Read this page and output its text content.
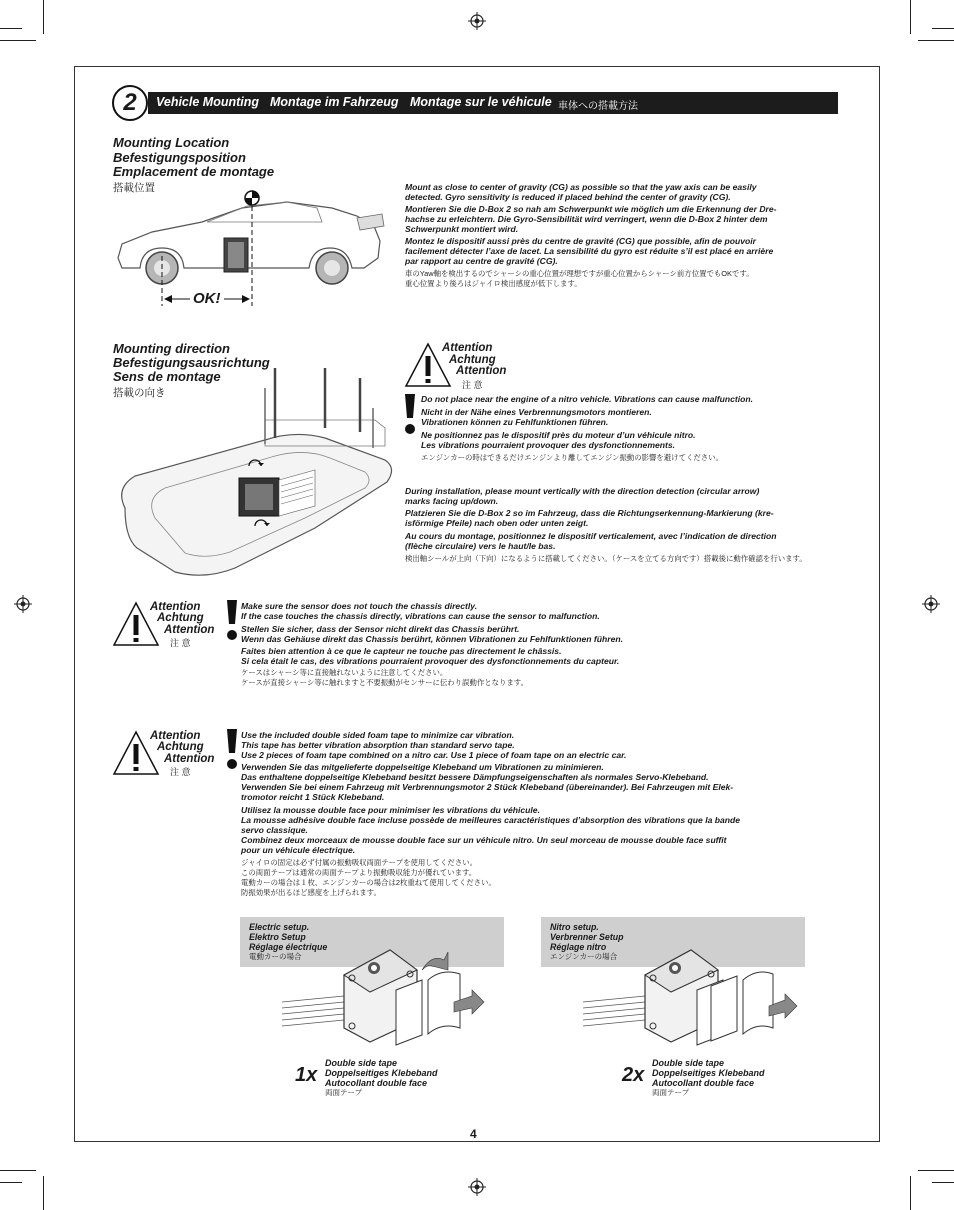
Vehicle Mounting Montage im Fahrzeug Montage sur le véhicule 車体への搭載方法
2
Mounting Location
Befestigungsposition
Emplacement de montage
搭載位置
OK!
Mount as close to center of gravity (CG) as possible so that the yaw axis can be easily
detected. Gyro sensitivity is reduced if placed behind the center of gravity (CG).
Montieren Sie die D-Box 2 so nah am Schwerpunkt wie möglich um die Erkennung der Dre-
hachse zu erleichtern. Die Gyro-Sensibilität wird verringert, wenn die D-Box 2 hinter dem
Schwerpunkt montiert wird.
Montez le dispositif aussi près du centre de gravité (CG) que possible, afin de pouvoir
facilement détecter l’axe de lacet. La sensibilité du gyro est réduite s’il est placé en arrière
par rapport au centre de gravité (CG).
車のYaw軸を検出するのでシャーシの重心位置が理想ですが重心位置からシャーシ前方位置でもOKです。
重心位置より後ろはジャイロ検出感度が低下します。
Mounting direction
Befestigungsausrichtung
Sens de montage
搭載の向き
Attention
Achtung
Attention
注 意
Do not place near the engine of a nitro vehicle. Vibrations can cause malfunction.
Nicht in der Nähe eines Verbrennungsmotors montieren.
Vibrationen können zu Fehlfunktionen führen.
Ne positionnez pas le dispositif près du moteur d’un véhicule nitro.
Les vibrations pourraient provoquer des dysfonctionnements.
エンジンカーの時はできるだけエンジンより離してエンジン振動の影響を避けてください。
During installation, please mount vertically with the direction detection (circular arrow)
marks facing up/down.
Platzieren Sie die D-Box 2 so im Fahrzeug, dass die Richtungserkennung-Markierung (kre-
isförmige Pfeile) nach oben oder unten zeigt.
Au cours du montage, positionnez le dispositif verticalement, avec l’indication de direction
(flèche circulaire) vers le haut/le bas.
検出軸シールが上向（下向）になるように搭載してください。（ケースを立てる方向です）搭載後に動作確認を行います。
Attention
Achtung
Attention
注 意
Make sure the sensor does not touch the chassis directly.
If the case touches the chassis directly, vibrations can cause the sensor to malfunction.
Stellen Sie sicher, dass der Sensor nicht direkt das Chassis berührt.
Wenn das Gehäuse direkt das Chassis berührt, können Vibrationen zu Fehlfunktionen führen.
Faites bien attention à ce que le capteur ne touche pas directement le châssis.
Si cela était le cas, des vibrations pourraient provoquer des dysfonctionnements du capteur.
ケースはシャーシ等に直接触れないように注意してください。
ケースが直接シャーシ等に触れますと不要振動がセンサーに伝わり誤動作となります。
Attention
Achtung
Attention
注 意
Use the included double sided foam tape to minimize car vibration.
This tape has better vibration absorption than standard servo tape.
Use 2 pieces of foam tape combined on a nitro car. Use 1 piece of foam tape on an electric car.
Verwenden Sie das mitgelieferte doppelseitige Klebeband um Vibrationen zu minimieren.
Das enthaltene doppelseitige Klebeband besitzt bessere Dämpfungseigenschaften als normales Servo-Klebeband.
Verwenden Sie bei einem Fahrzeug mit Verbrennungsmotor 2 Stück Klebeband (übereinander). Bei Fahrzeugen mit Elek-
tromotor reicht 1 Stück Klebeband.
Utilisez la mousse double face pour minimiser les vibrations du véhicule.
La mousse adhésive double face incluse possède de meilleures caractéristiques d’absorption des vibrations que la bande
servo classique.
Combinez deux morceaux de mousse double face sur un véhicule nitro. Un seul morceau de mousse double face suffit
pour un véhicule électrique.
ジャイロの固定は必ず付属の振動吸収両面テープを使用してください。
この両面テープは通常の両面テープより振動吸収能力が優れています。
電動カーの場合は１枚、エンジンカーの場合は2枚重ねて使用してください。
防振効果が出るほど感度を上げられます。
Electric setup.
Elektro Setup
Réglage électrique
電動カーの場合
1x
Double side tape
Doppelseitiges Klebeband
Autocollant double face
両面テープ
Nitro setup.
Verbrenner Setup
Réglage nitro
エンジンカーの場合
2x
Double side tape
Doppelseitiges Klebeband
Autocollant double face
両面テープ
4
